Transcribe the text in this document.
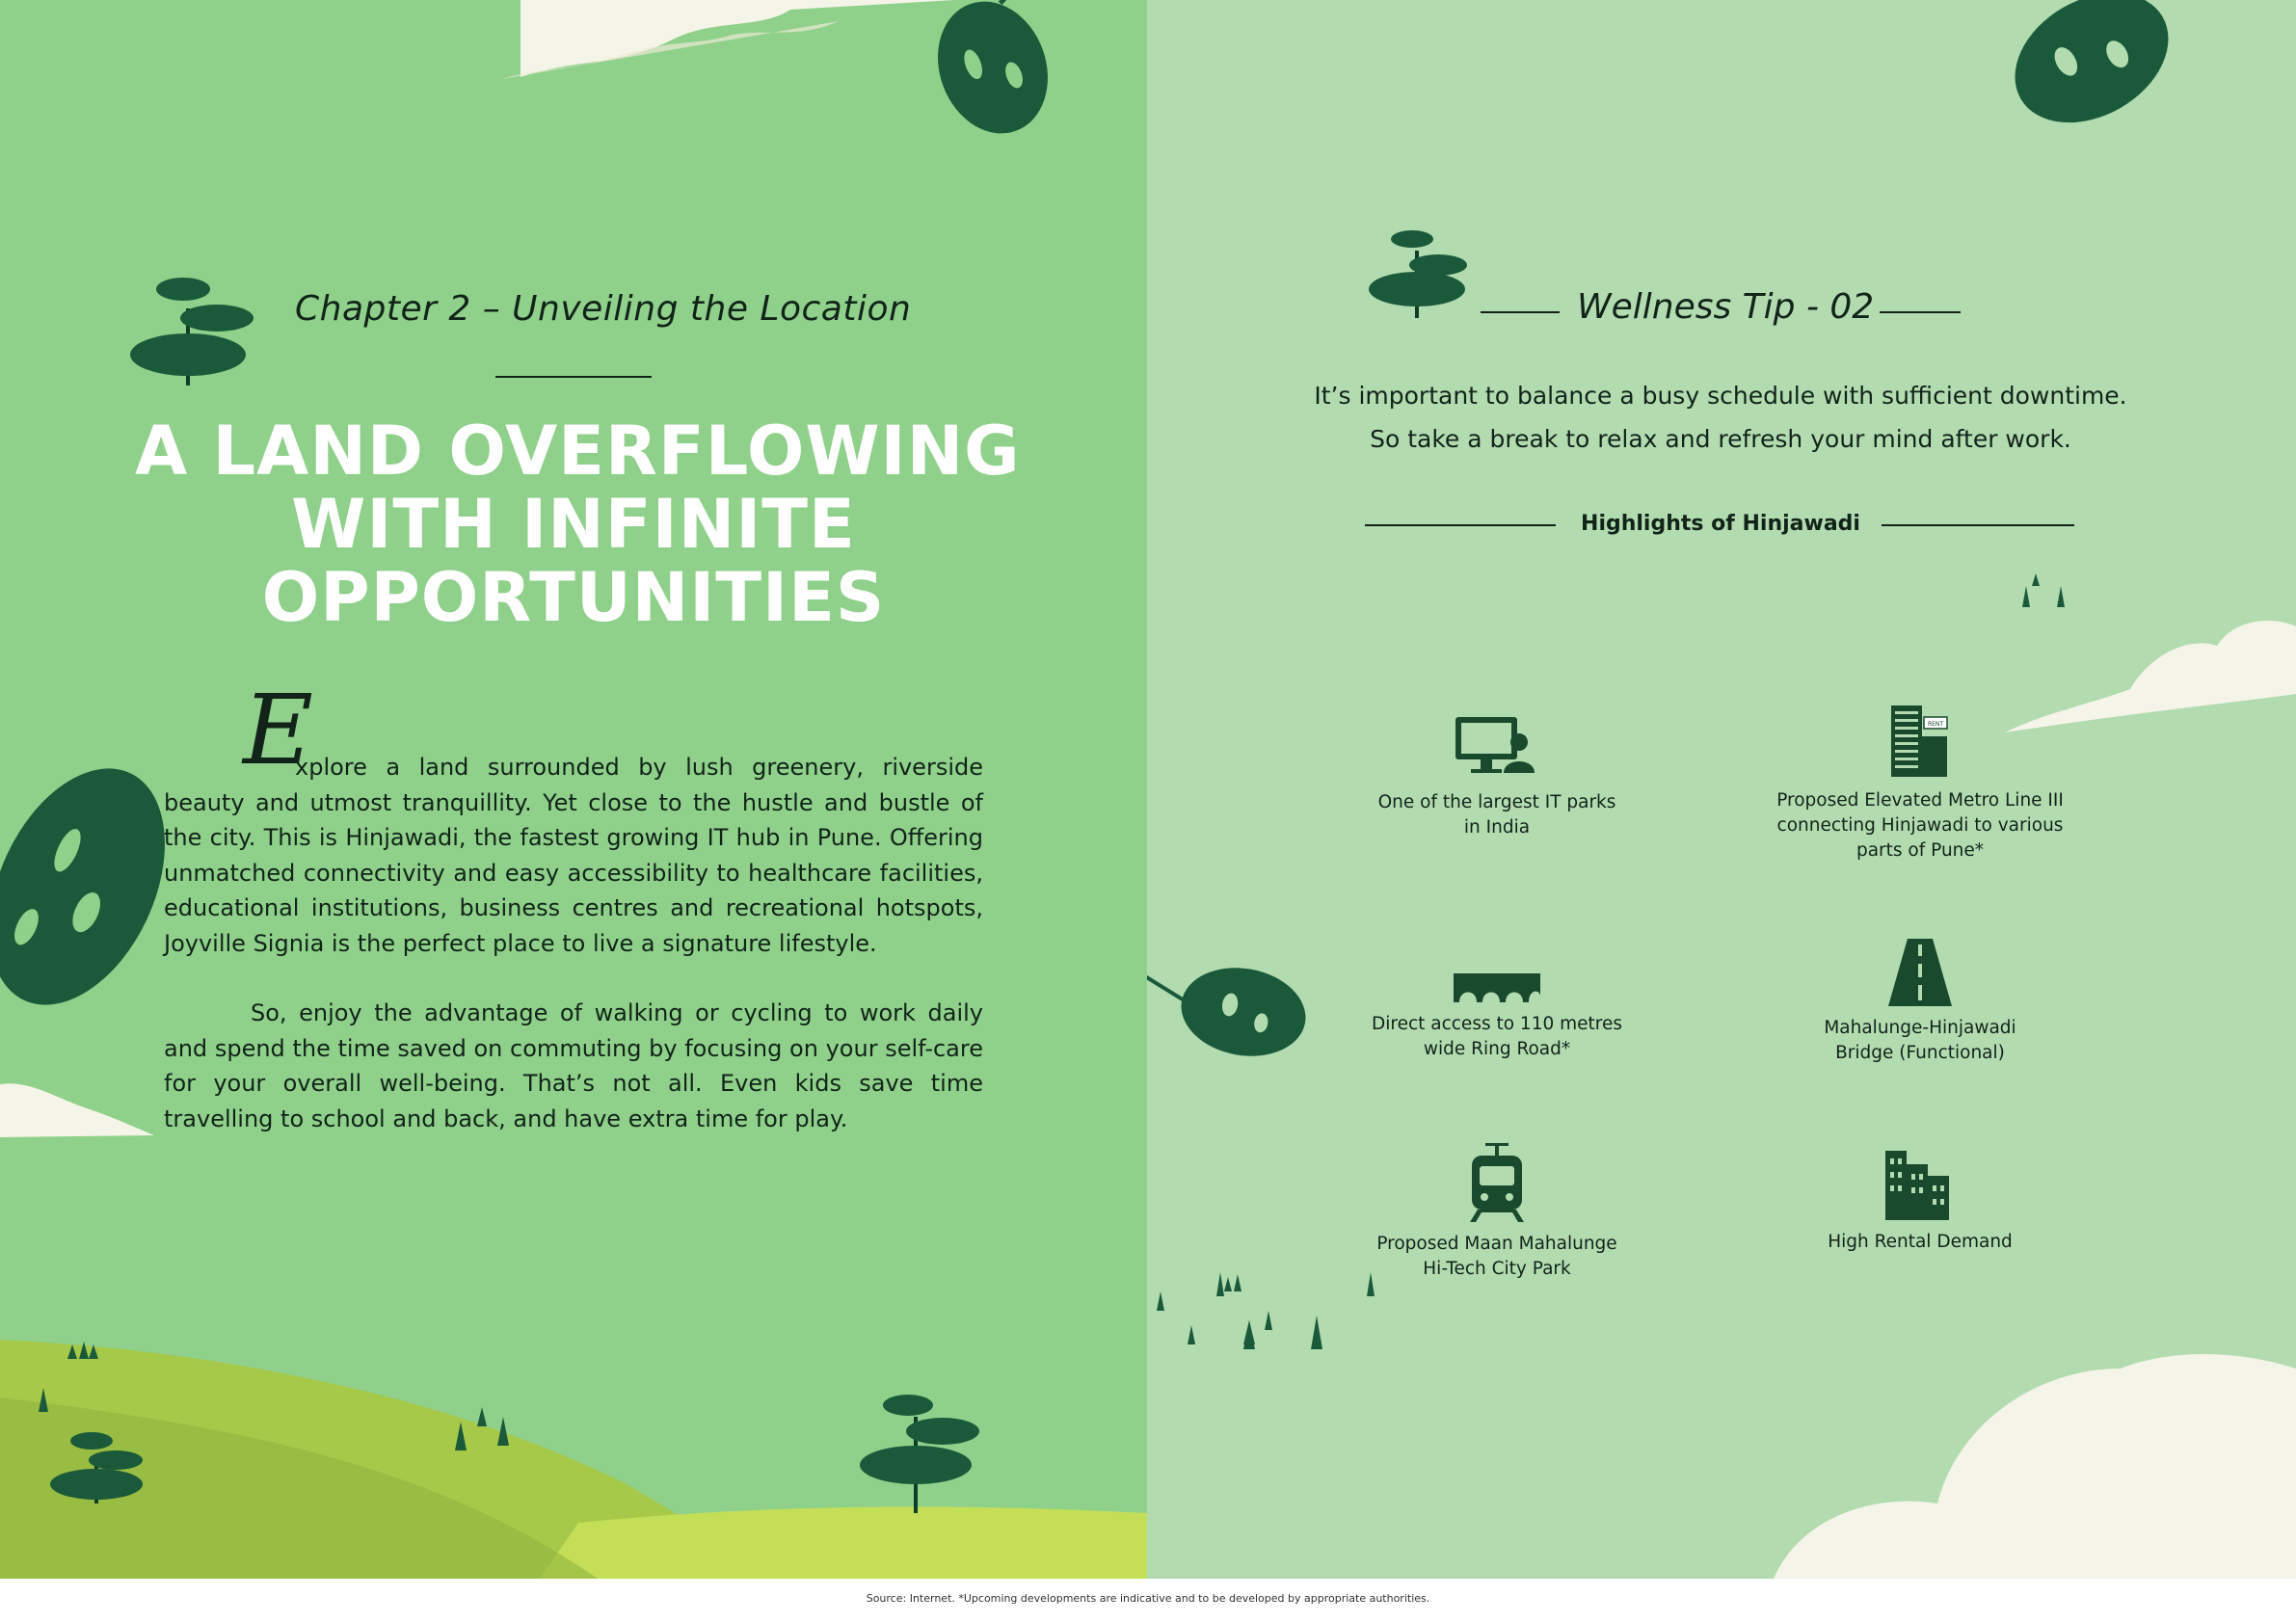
Chapter 2 – Unveiling the Location
A LAND OVERFLOWING
WITH INFINITE
OPPORTUNITIES
E

xplore a land surrounded by lush greenery, riverside beauty and utmost tranquillity. Yet close to the hustle and bustle of the city. This is Hinjawadi, the fastest growing IT hub in Pune. Offering unmatched connectivity and easy accessibility to healthcare facilities, educational institutions, business centres and recreational hotspots, Joyville Signia is the perfect place to live a signature lifestyle.

So, enjoy the advantage of walking or cycling to work daily and spend the time saved on commuting by focusing on your self-care for your overall well-being. That’s not all. Even kids save time travelling to school and back, and have extra time for play.

Wellness Tip - 02
It’s important to balance a busy schedule with sufficient downtime.
So take a break to relax and refresh your mind after work.
Highlights of Hinjawadi
One of the largest IT parks
in India
RENT
Proposed Elevated Metro Line III
connecting Hinjawadi to various
parts of Pune*
Direct access to 110 metres
wide Ring Road*
Mahalunge-Hinjawadi
Bridge (Functional)
Proposed Maan Mahalunge
Hi-Tech City Park
High Rental Demand
Source: Internet. *Upcoming developments are indicative and to be developed by appropriate authorities.
